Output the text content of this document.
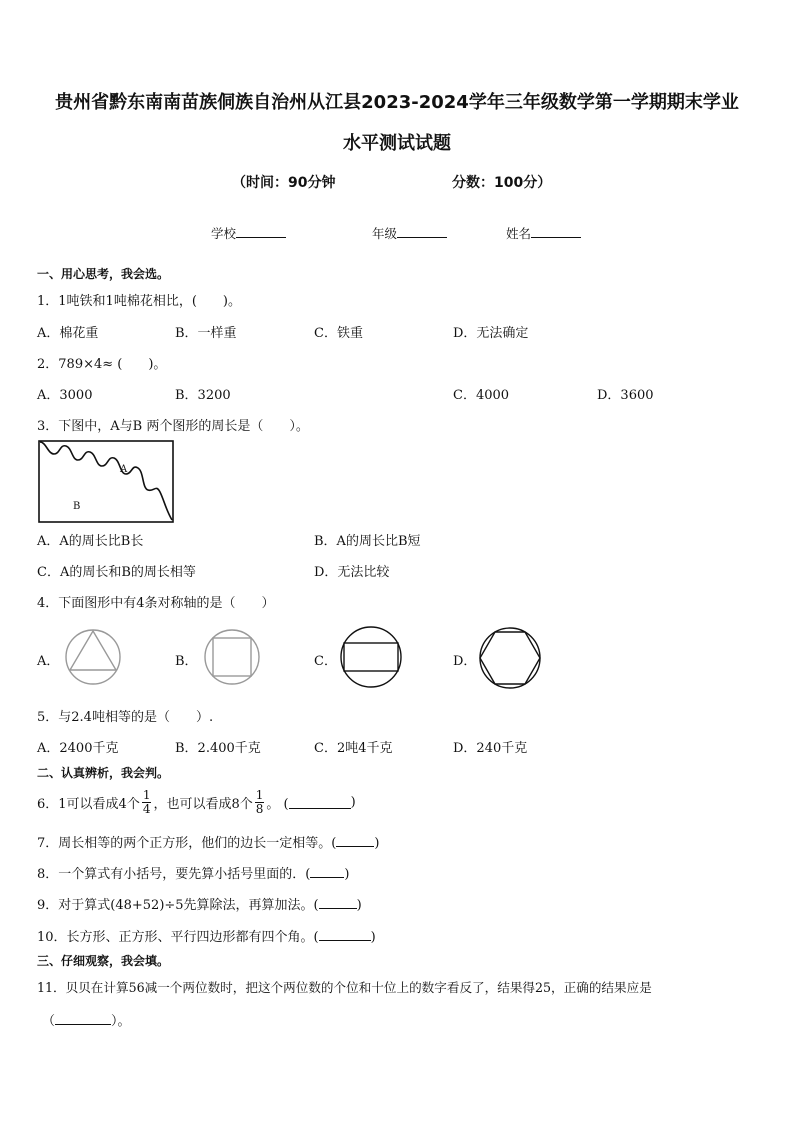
贵州省黔东南南苗族侗族自治州从江县2023-2024学年三年级数学第一学期期末学业
水平测试试题
（时间：90分钟	分数：100分）
学校	年级	姓名
一、用心思考，我会选。
1．1吨铁和1吨棉花相比，(　　)。
A．棉花重	B．一样重	C．铁重	D．无法确定
2．789×4≈ (　　)。
A．3000	B．3200	C．4000	D．3600
3．下图中，A与B 两个图形的周长是（　　）。
A
B
A．A的周长比B长	B．A的周长比B短
C．A的周长和B的周长相等	D．无法比较
4．下面图形中有4条对称轴的是（　　）
A．	B．	C．	D．
5．与2.4吨相等的是（　　）.
A．2400千克	B．2.400千克	C．2吨4千克	D．240千克
二、认真辨析，我会判。
6．1可以看成4个 $\frac{1}{4}$ ，也可以看成8个 $\frac{1}{8}$ 。 (	)
7．周长相等的两个正方形，他们的边长一定相等。(	)
8．一个算式有小括号，要先算小括号里面的．(	)
9．对于算式(48+52)÷5先算除法，再算加法。(	)
10．长方形、正方形、平行四边形都有四个角。(	)
三、仔细观察，我会填。
11．贝贝在计算56减一个两位数时，把这个两位数的个位和十位上的数字看反了，结果得25，正确的结果应是
（	）。
